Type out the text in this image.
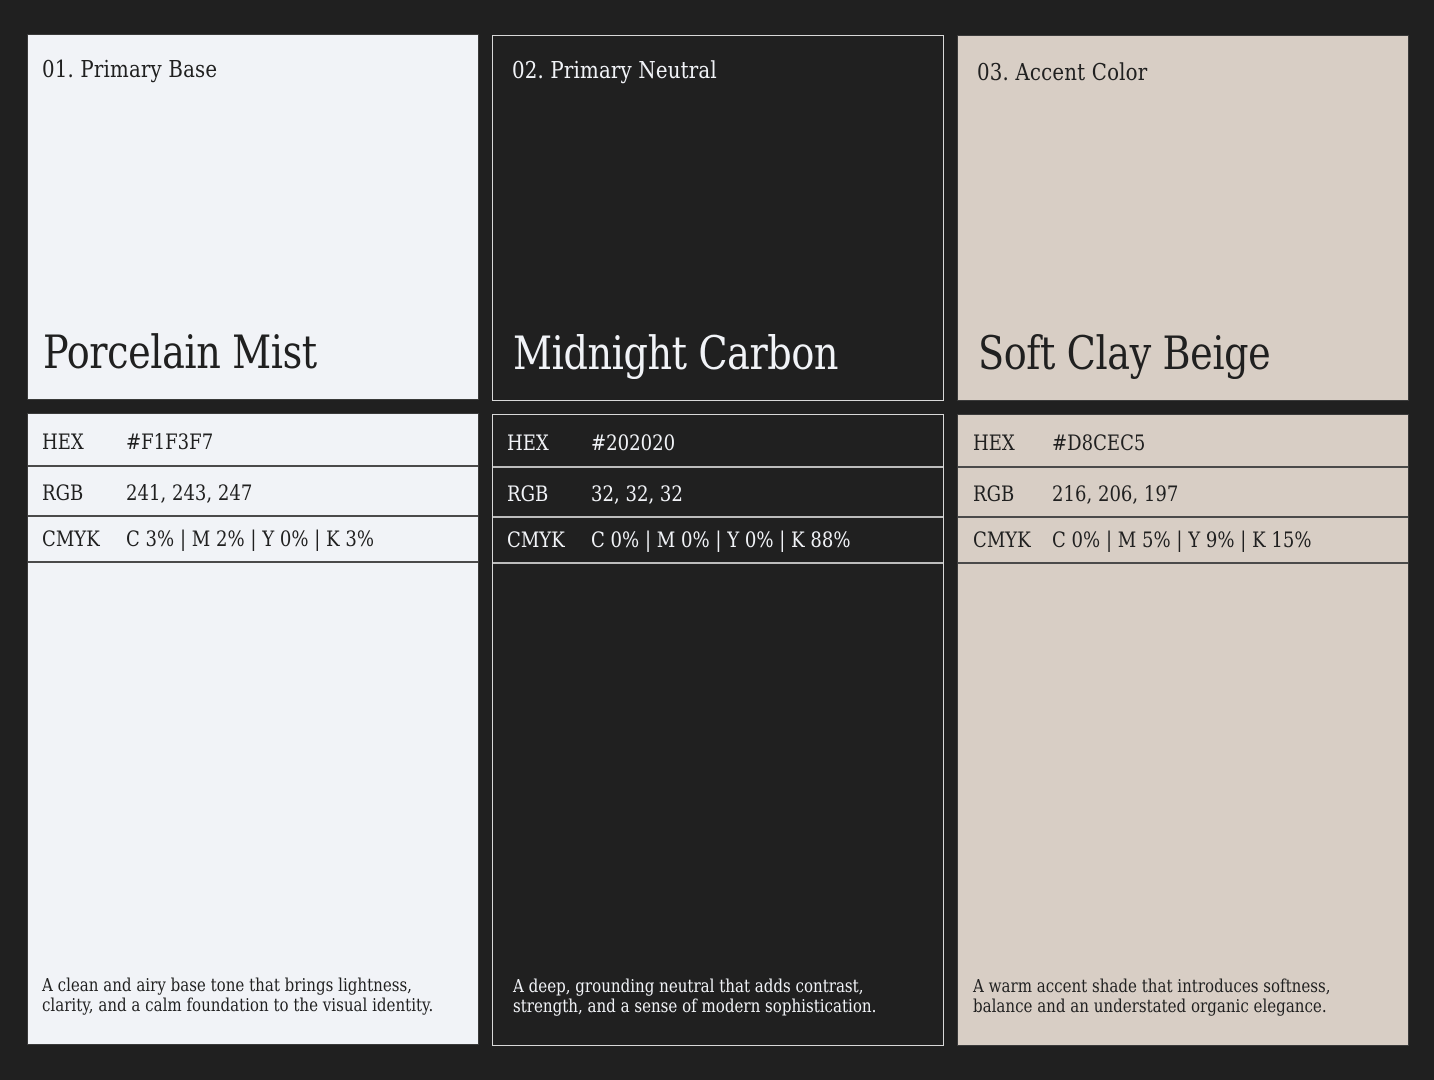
01. Primary Base
Porcelain Mist
HEX #F1F3F7
RGB 241, 243, 247
CMYK C 3% | M 2% | Y 0% | K 3%
A clean and airy base tone that brings lightness, clarity, and a calm foundation to the visual identity.
02. Primary Neutral
Midnight Carbon
HEX #202020
RGB 32, 32, 32
CMYK C 0% | M 0% | Y 0% | K 88%
A deep, grounding neutral that adds contrast, strength, and a sense of modern sophistication.
03. Accent Color
Soft Clay Beige
HEX #D8CEC5
RGB 216, 206, 197
CMYK C 0% | M 5% | Y 9% | K 15%
A warm accent shade that introduces softness, balance and an understated organic elegance.
